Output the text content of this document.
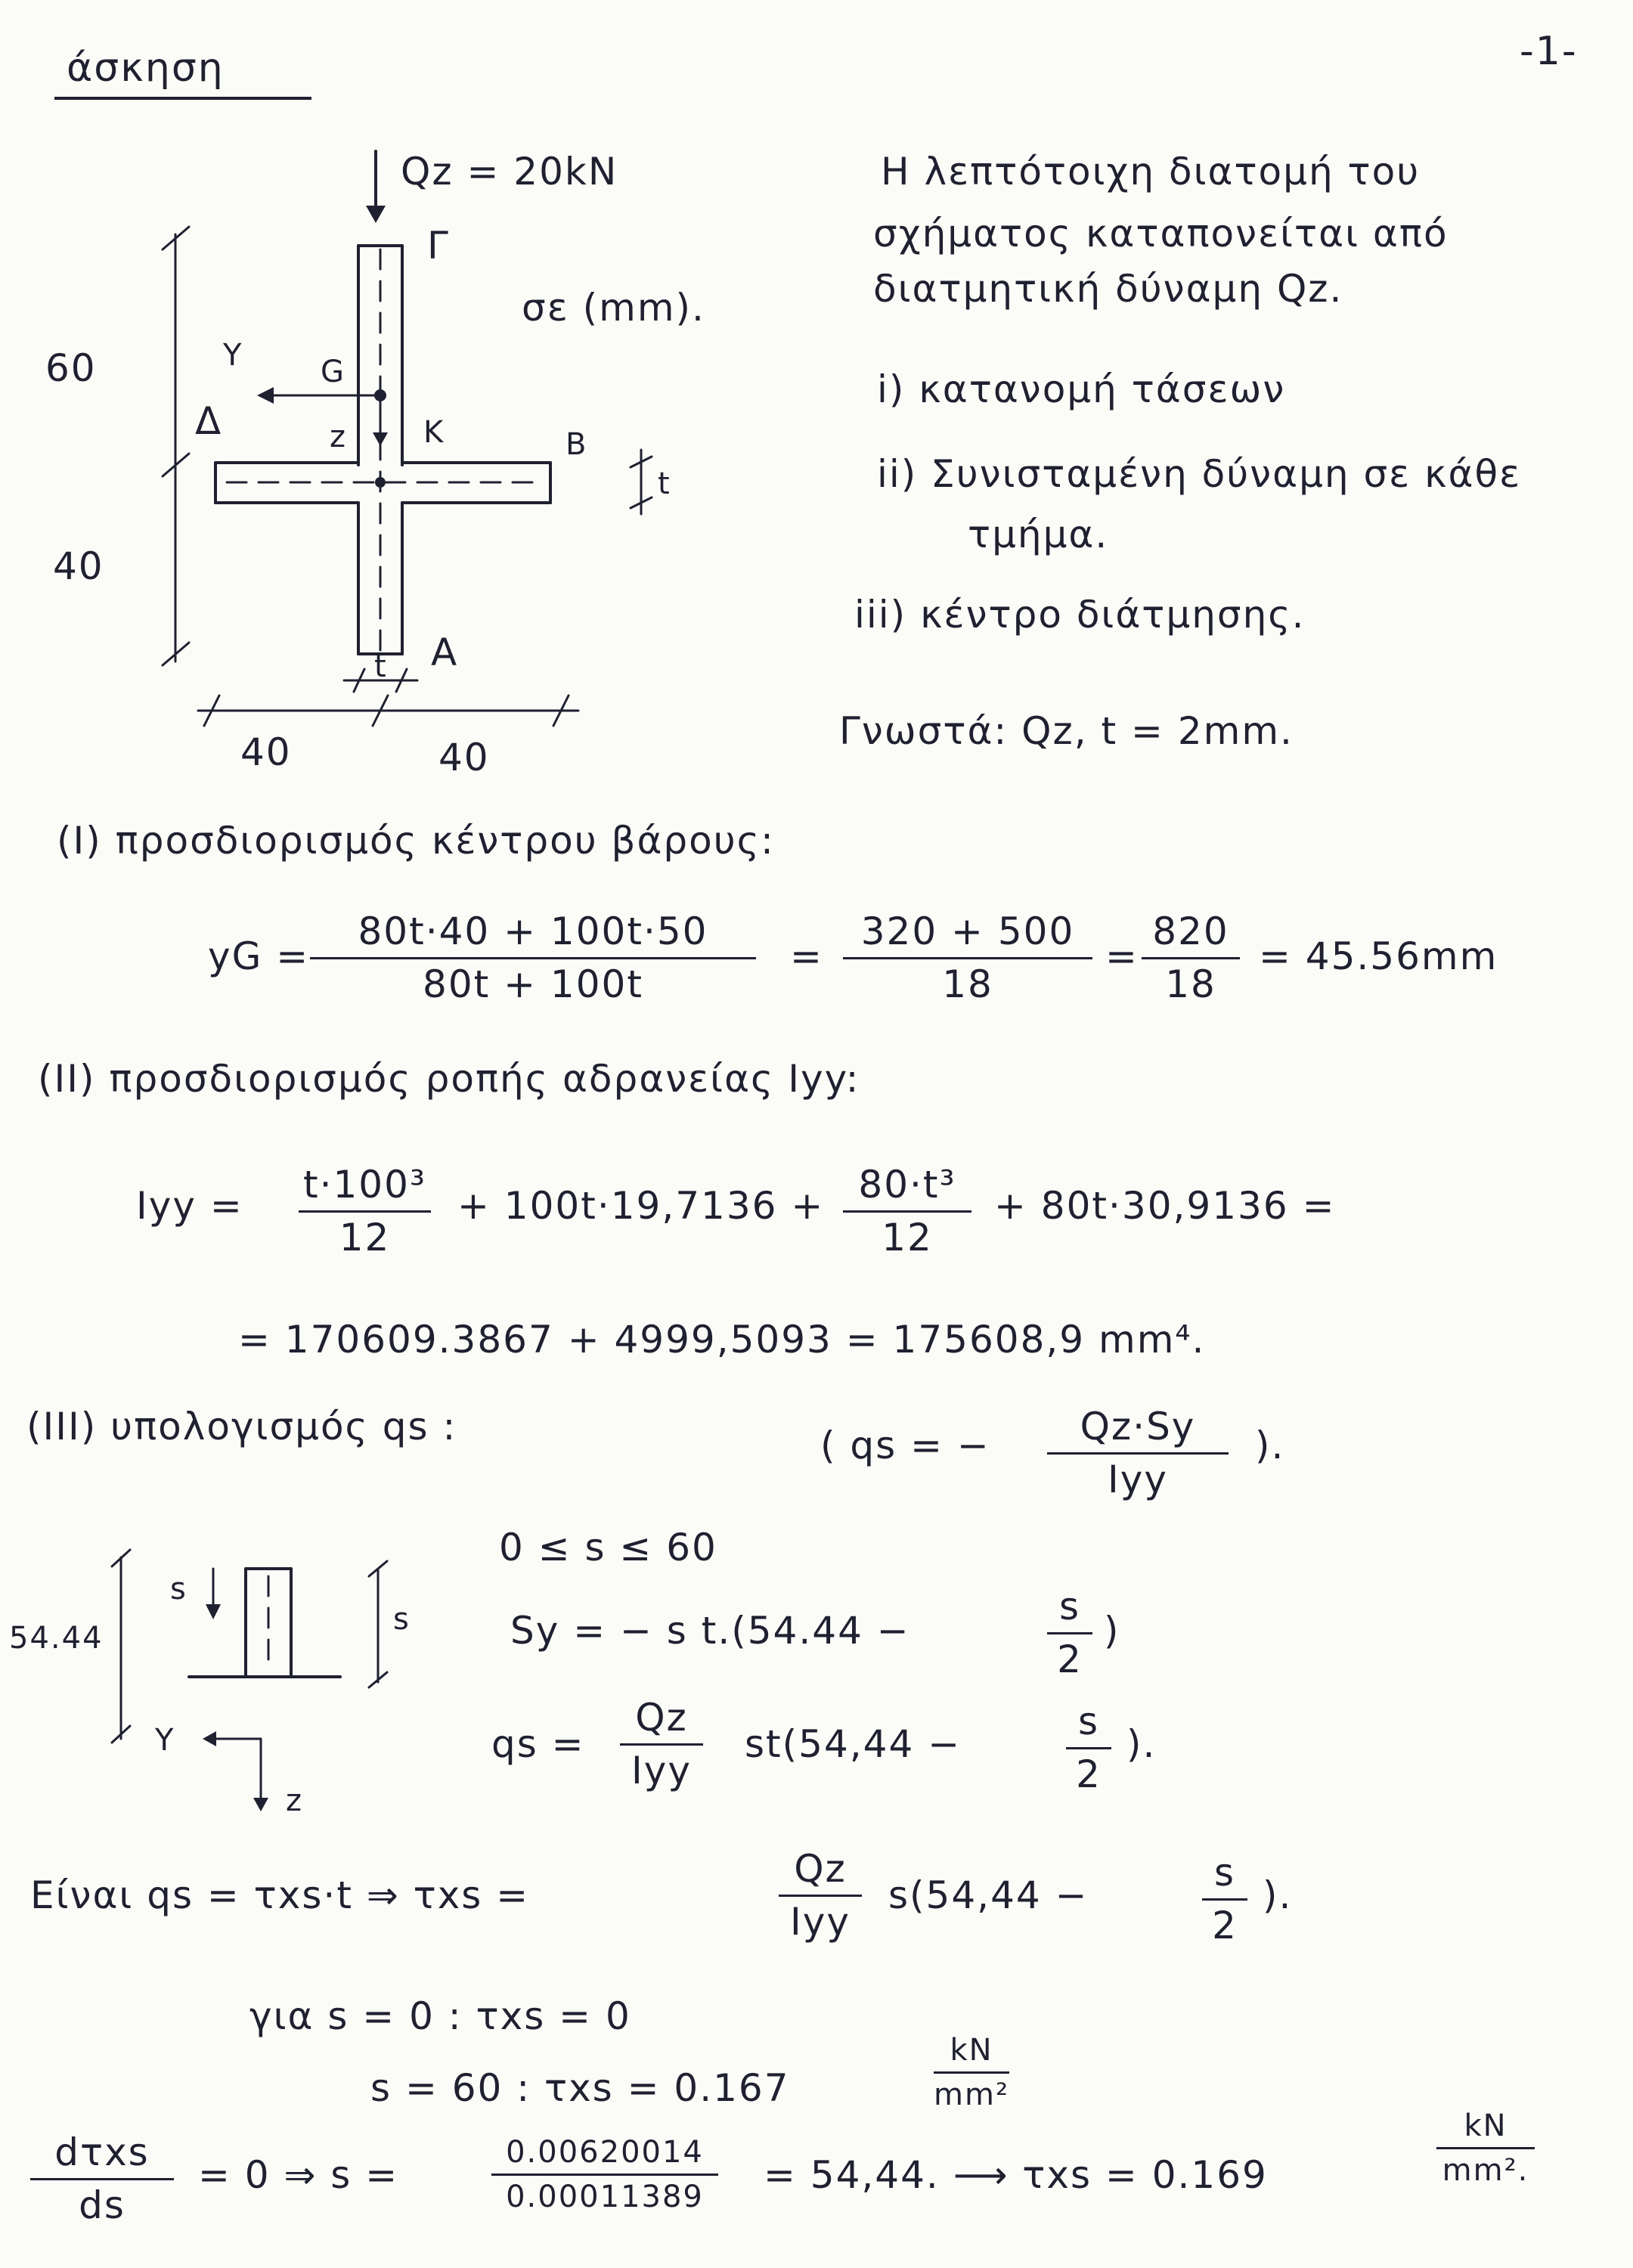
άσκηση	-1-
Qz = 20kN
σε (mm).
60
40
40	40
t
t
Γ
Δ
B
A
G
K
Y
z
Η λεπτότοιχη διατομή του
σχήματος καταπονείται από
διατμητική δύναμη Qz.
i) κατανομή τάσεων
ii) Συνισταμένη δύναμη σε κάθε
τμήμα.
iii) κέντρο διάτμησης.
Γνωστά: Qz, t = 2mm.
(I) προσδιορισμός κέντρου βάρους:
yG = $\frac{80t\cdot 40 + 100t\cdot 50}{80t + 100t} = \frac{320 + 500}{18} = \frac{820}{18} = 45.56mm$
(II) προσδιορισμός ροπής αδρανείας Iyy:
Iyy = $\frac{\text{t·100³}}{12} + 100t\cdot 19,7136 + \frac{\text{80·t³}}{12} + 80t\cdot 30,9136$ =
= 170609.3867 + 4999,5093 = 175608,9 mm⁴.
(III) υπολογισμός qs :	( qs = −	Qz·Sy
Iyy
).
54.44
s
s
Y
z
0 ≤ s ≤ 60
Sy = − s t.(54.44 −	$\frac{s}{2}$ )
qs =
Qz
Iyy
st(54,44 −	$\frac{s}{2}$ ).
Είναι qs = τxs·t ⇒ τxs =
Qz
Iyy
s(54,44 −	$\frac{s}{2}$ ).
για s = 0 : τxs = 0
s = 60 : τxs = 0.167	$\frac{kN}{\text{mm²}}$
dτxs
ds
= 0 ⇒ s =	$\frac{0.00620014}{0.00011389} = 54,44$. ⟶ τxs = 0.169	$\frac{kN}{\text{mm².}}$
